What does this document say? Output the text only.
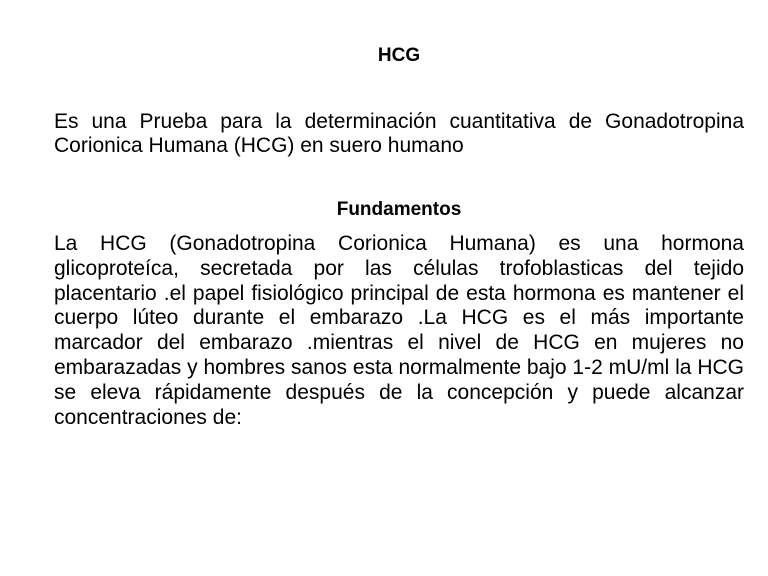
HCG
Es una Prueba para la determinación cuantitativa de Gonadotropina Corionica Humana (HCG) en suero humano
Fundamentos
La HCG (Gonadotropina Corionica Humana) es una hormona glicoproteíca, secretada por las células trofoblasticas del tejido placentario .el papel fisiológico principal de esta hormona es mantener el cuerpo lúteo durante el embarazo .La HCG es el más importante marcador del embarazo .mientras el nivel de HCG en mujeres no embarazadas y hombres sanos esta normalmente bajo 1-2 mU/ml la HCG se eleva rápidamente después de la concepción y puede alcanzar concentraciones de:
